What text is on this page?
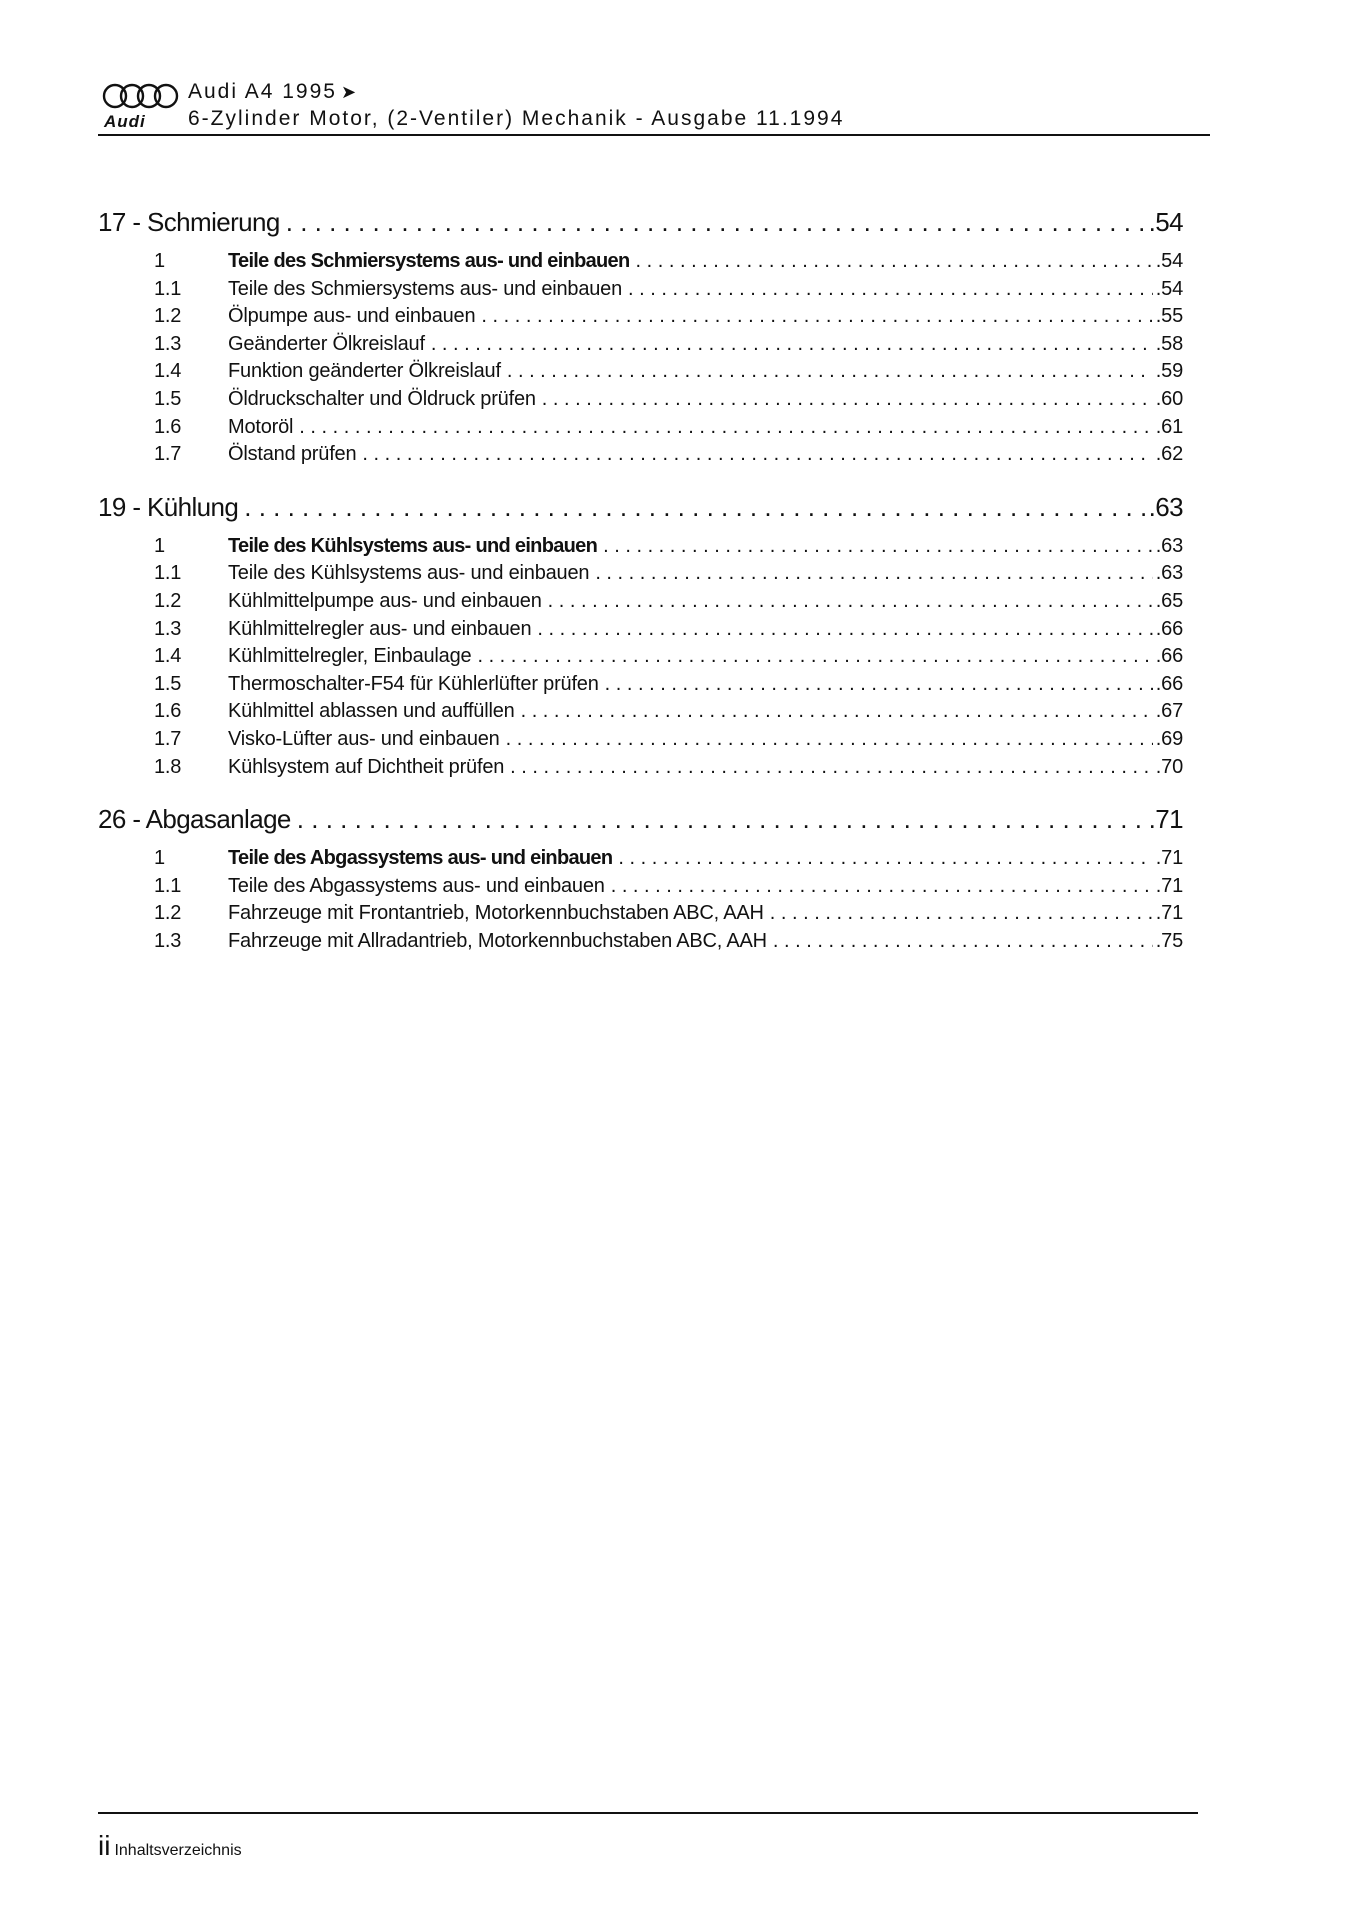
Audi
Audi A4 1995 ➤
6-Zylinder Motor, (2-Ventiler) Mechanik - Ausgabe 11.1994
17 - Schmierung . . .	.54
1	Teile des Schmiersystems aus- und einbauen . . .	.54
1.1	Teile des Schmiersystems aus- und einbauen . . .	.54
1.2	Ölpumpe aus- und einbauen . . .	.55
1.3	Geänderter Ölkreislauf . . .	.58
1.4	Funktion geänderter Ölkreislauf . . .	.59
1.5	Öldruckschalter und Öldruck prüfen . . .	.60
1.6	Motoröl . . .	.61
1.7	Ölstand prüfen . . .	.62
19 - Kühlung . . .	.63
1	Teile des Kühlsystems aus- und einbauen . . .	.63
1.1	Teile des Kühlsystems aus- und einbauen . . .	.63
1.2	Kühlmittelpumpe aus- und einbauen . . .	.65
1.3	Kühlmittelregler aus- und einbauen . . .	.66
1.4	Kühlmittelregler, Einbaulage . . .	.66
1.5	Thermoschalter-F54 für Kühlerlüfter prüfen . . .	.66
1.6	Kühlmittel ablassen und auffüllen . . .	.67
1.7	Visko-Lüfter aus- und einbauen . . .	.69
1.8	Kühlsystem auf Dichtheit prüfen . . .	.70
26 - Abgasanlage . . .	.71
1	Teile des Abgassystems aus- und einbauen . . .	.71
1.1	Teile des Abgassystems aus- und einbauen . . .	.71
1.2	Fahrzeuge mit Frontantrieb, Motorkennbuchstaben ABC, AAH . . .	.71
1.3	Fahrzeuge mit Allradantrieb, Motorkennbuchstaben ABC, AAH . . .	.75
ii Inhaltsverzeichnis
